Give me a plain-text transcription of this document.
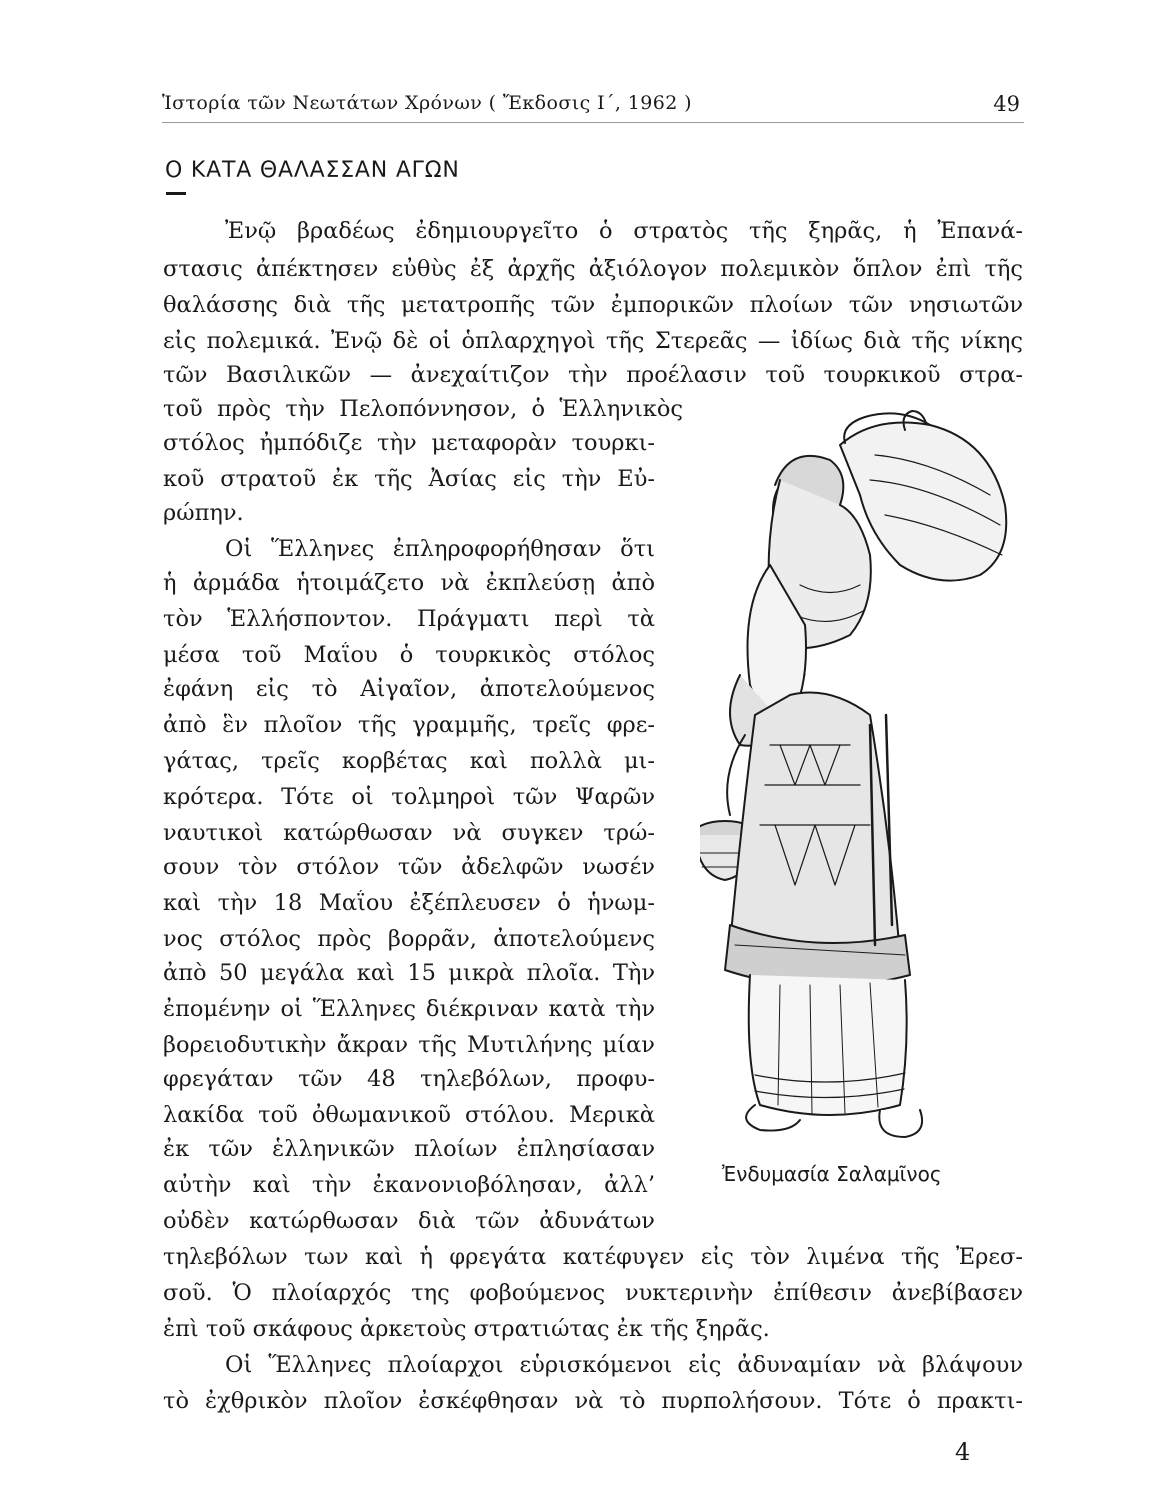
Ἱστορία τῶν Νεωτάτων Χρόνων ( Ἔκδοσις Ι΄, 1962 )	49
Ο ΚΑΤΑ ΘΑΛΑΣΣΑΝ ΑΓΩΝ

Ἐνῷ βραδέως ἐδημιουργεῖτο ὁ στρατὸς τῆς ξηρᾶς, ἡ Ἐπανά-

στασις ἀπέκτησεν εὐθὺς ἐξ ἀρχῆς ἀξιόλογον πολεμικὸν ὅπλον ἐπὶ τῆς

θαλάσσης διὰ τῆς μετατροπῆς τῶν ἐμπορικῶν πλοίων τῶν νησιωτῶν

εἰς πολεμικά. Ἐνῷ δὲ οἱ ὁπλαρχηγοὶ τῆς Στερεᾶς — ἰδίως διὰ τῆς νίκης

τῶν Βασιλικῶν — ἀνεχαίτιζον τὴν προέλασιν τοῦ τουρκικοῦ στρα-

τοῦ πρὸς τὴν Πελοπόννησον, ὁ Ἑλληνικὸς

στόλος ἠμπόδιζε τὴν μεταφορὰν τουρκι-

κοῦ στρατοῦ ἐκ τῆς Ἀσίας εἰς τὴν Εὐ-

ρώπην.

Οἱ Ἕλληνες ἐπληροφορήθησαν ὅτι

ἡ ἀρμάδα ἡτοιμάζετο νὰ ἐκπλεύσῃ ἀπὸ

τὸν Ἑλλήσποντον. Πράγματι περὶ τὰ

μέσα τοῦ Μαΐου ὁ τουρκικὸς στόλος

ἐφάνη εἰς τὸ Αἰγαῖον, ἀποτελούμενος

ἀπὸ ἓν πλοῖον τῆς γραμμῆς, τρεῖς φρε-

γάτας, τρεῖς κορβέτας καὶ πολλὰ μι-

κρότερα. Τότε οἱ τολμηροὶ τῶν Ψαρῶν

ναυτικοὶ κατώρθωσαν νὰ συγκεν τρώ-

σουν τὸν στόλον τῶν ἀδελφῶν νωσέν

καὶ τὴν 18 Μαΐου ἐξέπλευσεν ὁ ἡνωμ-

νος στόλος πρὸς βορρᾶν, ἀποτελούμενς

ἀπὸ 50 μεγάλα καὶ 15 μικρὰ πλοῖα. Τὴν

ἐπομένην οἱ Ἕλληνες διέκριναν κατὰ τὴν

βορειοδυτικὴν ἄκραν τῆς Μυτιλήνης μίαν

φρεγάταν τῶν 48 τηλεβόλων, προφυ-

λακίδα τοῦ ὀθωμανικοῦ στόλου. Μερικὰ

ἐκ τῶν ἑλληνικῶν πλοίων ἐπλησίασαν

αὐτὴν καὶ τὴν ἐκανονιοβόλησαν, ἀλλ’

οὐδὲν κατώρθωσαν διὰ τῶν ἀδυνάτων

τηλεβόλων των καὶ ἡ φρεγάτα κατέφυγεν εἰς τὸν λιμένα τῆς Ἐρεσ-

σοῦ. Ὁ πλοίαρχός της φοβούμενος νυκτερινὴν ἐπίθεσιν ἀνεβίβασεν

ἐπὶ τοῦ σκάφους ἀρκετοὺς στρατιώτας ἐκ τῆς ξηρᾶς.

Οἱ Ἕλληνες πλοίαρχοι εὑρισκόμενοι εἰς ἀδυναμίαν νὰ βλάψουν

τὸ ἐχθρικὸν πλοῖον ἐσκέφθησαν νὰ τὸ πυρπολήσουν. Τότε ὁ πρακτι-

Ἐνδυμασία Σαλαμῖνος
4
